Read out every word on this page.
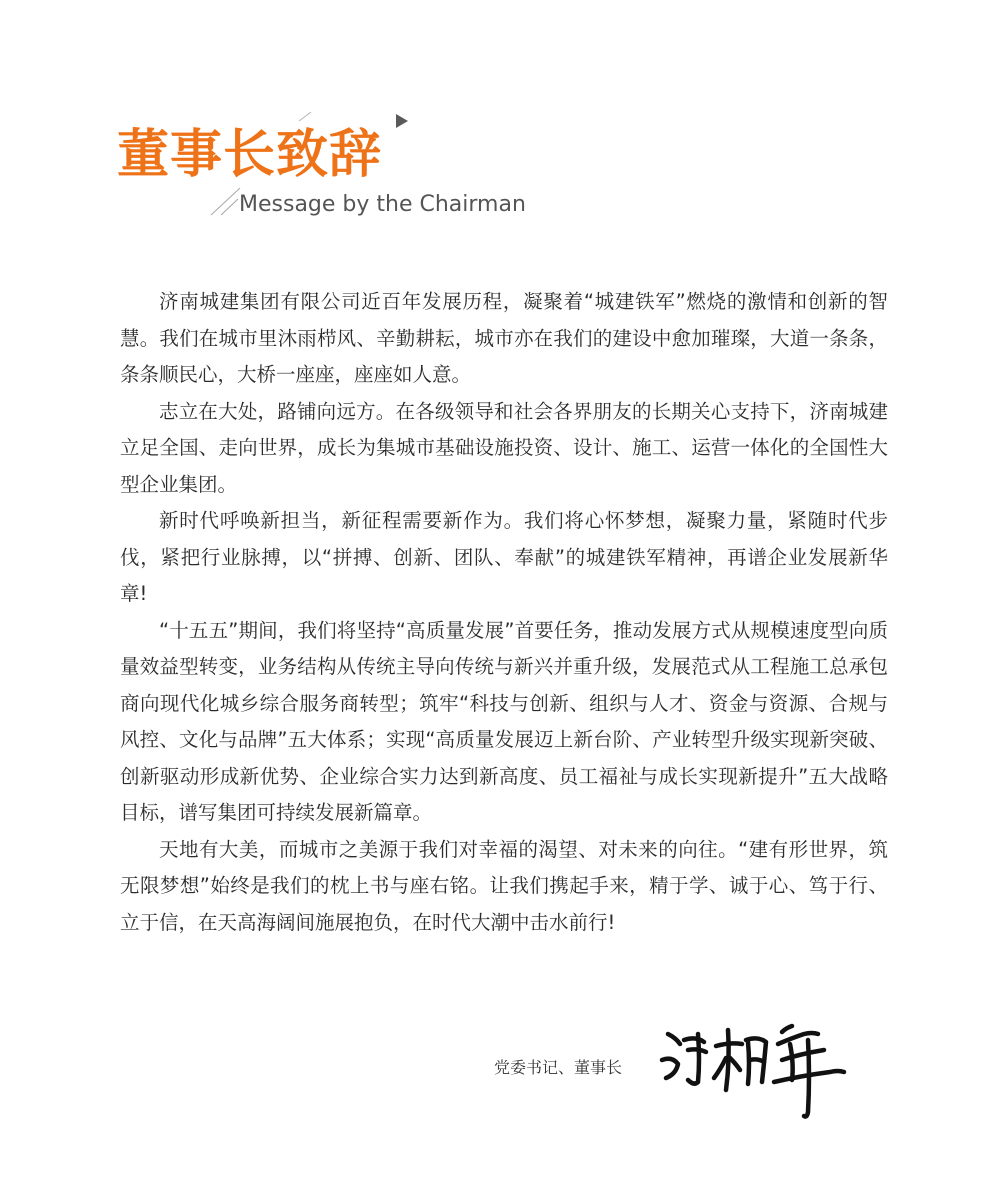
董事长致辞
Message by the Chairman

济南城建集团有限公司近百年发展历程，凝聚着“城建铁军”燃烧的激情和创新的智慧。我们在城市里沐雨栉风、辛勤耕耘，城市亦在我们的建设中愈加璀璨，大道一条条，条条顺民心，大桥一座座，座座如人意。

志立在大处，路铺向远方。在各级领导和社会各界朋友的长期关心支持下，济南城建立足全国、走向世界，成长为集城市基础设施投资、设计、施工、运营一体化的全国性大型企业集团。

新时代呼唤新担当，新征程需要新作为。我们将心怀梦想，凝聚力量，紧随时代步伐，紧把行业脉搏，以“拼搏、创新、团队、奉献”的城建铁军精神，再谱企业发展新华章!

“十五五”期间，我们将坚持“高质量发展”首要任务，推动发展方式从规模速度型向质量效益型转变，业务结构从传统主导向传统与新兴并重升级，发展范式从工程施工总承包商向现代化城乡综合服务商转型；筑牢“科技与创新、组织与人才、资金与资源、合规与风控、文化与品牌”五大体系；实现“高质量发展迈上新台阶、产业转型升级实现新突破、创新驱动形成新优势、企业综合实力达到新高度、员工福祉与成长实现新提升”五大战略目标，谱写集团可持续发展新篇章。

天地有大美，而城市之美源于我们对幸福的渴望、对未来的向往。“建有形世界，筑无限梦想”始终是我们的枕上书与座右铭。让我们携起手来，精于学、诚于心、笃于行、立于信，在天高海阔间施展抱负，在时代大潮中击水前行!

党委书记、董事长
